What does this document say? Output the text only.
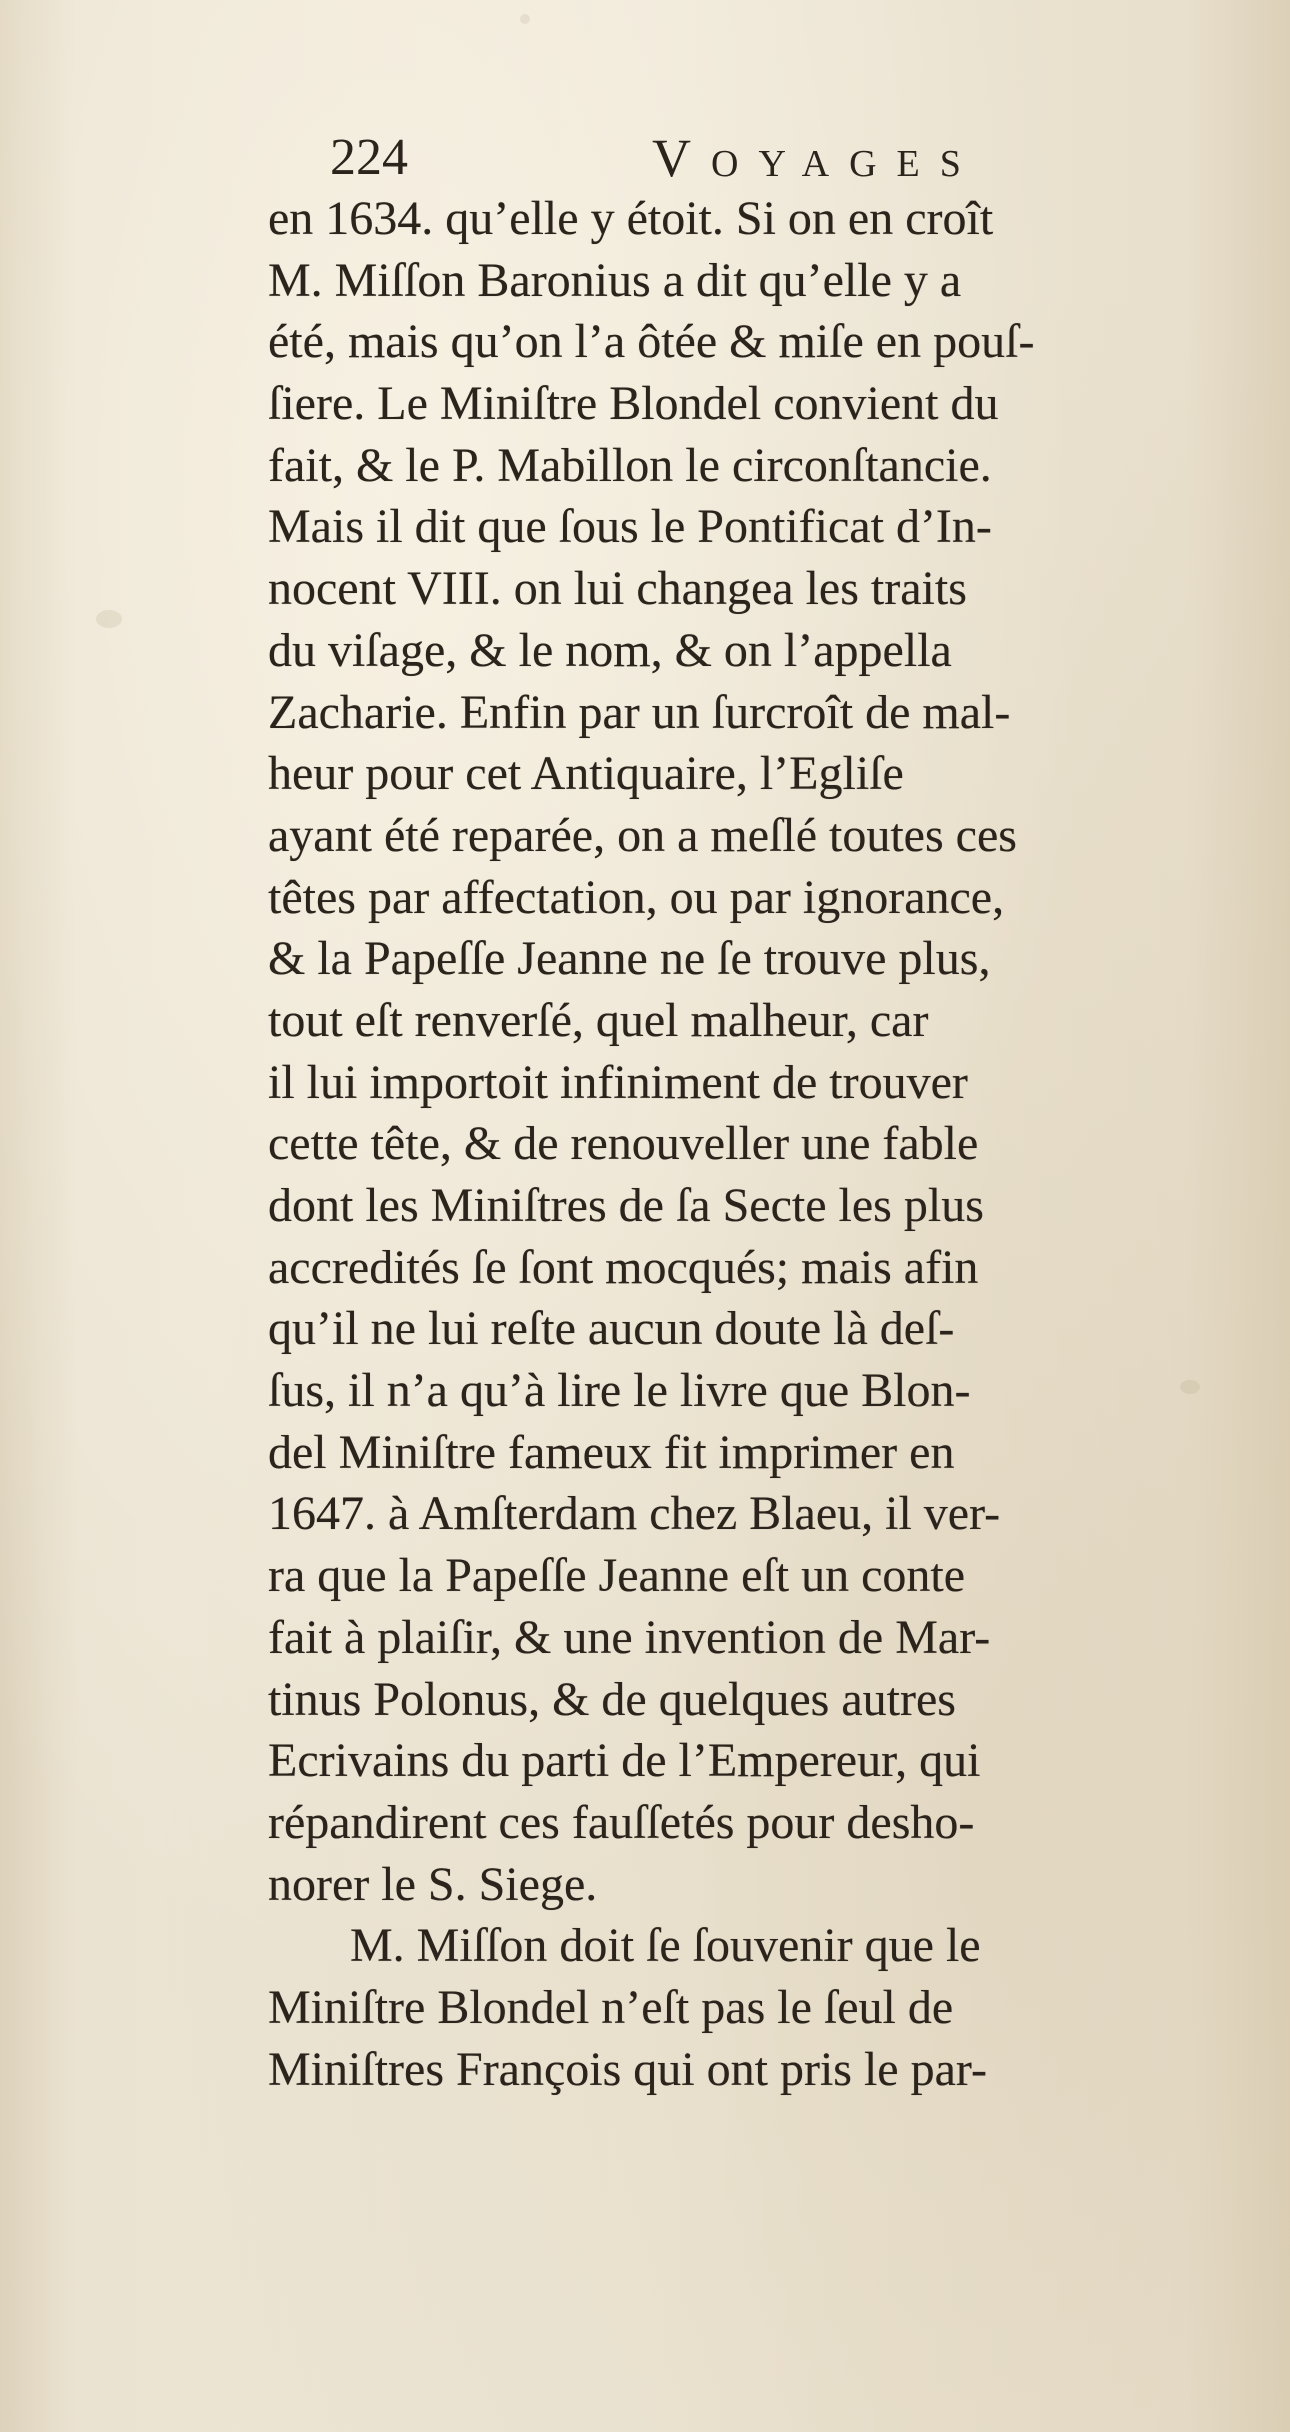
224	Voyages
en 1634. qu’elle y étoit. Si on en croît
M. Miſſon Baronius a dit qu’elle y a
été, mais qu’on l’a ôtée & miſe en pouſ-
ſiere. Le Miniſtre Blondel convient du
fait, & le P. Mabillon le circonſtancie.
Mais il dit que ſous le Pontificat d’In-
nocent VIII. on lui changea les traits
du viſage, & le nom, & on l’appella
Zacharie. Enfin par un ſurcroît de mal-
heur pour cet Antiquaire, l’Egliſe
ayant été reparée, on a meſlé toutes ces
têtes par affectation, ou par ignorance,
& la Papeſſe Jeanne ne ſe trouve plus,
tout eſt renverſé, quel malheur, car
il lui importoit infiniment de trouver
cette tête, & de renouveller une fable
dont les Miniſtres de ſa Secte les plus
accredités ſe ſont mocqués; mais afin
qu’il ne lui reſte aucun doute là deſ-
ſus, il n’a qu’à lire le livre que Blon-
del Miniſtre fameux fit imprimer en
1647. à Amſterdam chez Blaeu, il ver-
ra que la Papeſſe Jeanne eſt un conte
fait à plaiſir, & une invention de Mar-
tinus Polonus, & de quelques autres
Ecrivains du parti de l’Empereur, qui
répandirent ces fauſſetés pour desho-
norer le S. Siege.
M. Miſſon doit ſe ſouvenir que le
Miniſtre Blondel n’eſt pas le ſeul de
Miniſtres François qui ont pris le par-
